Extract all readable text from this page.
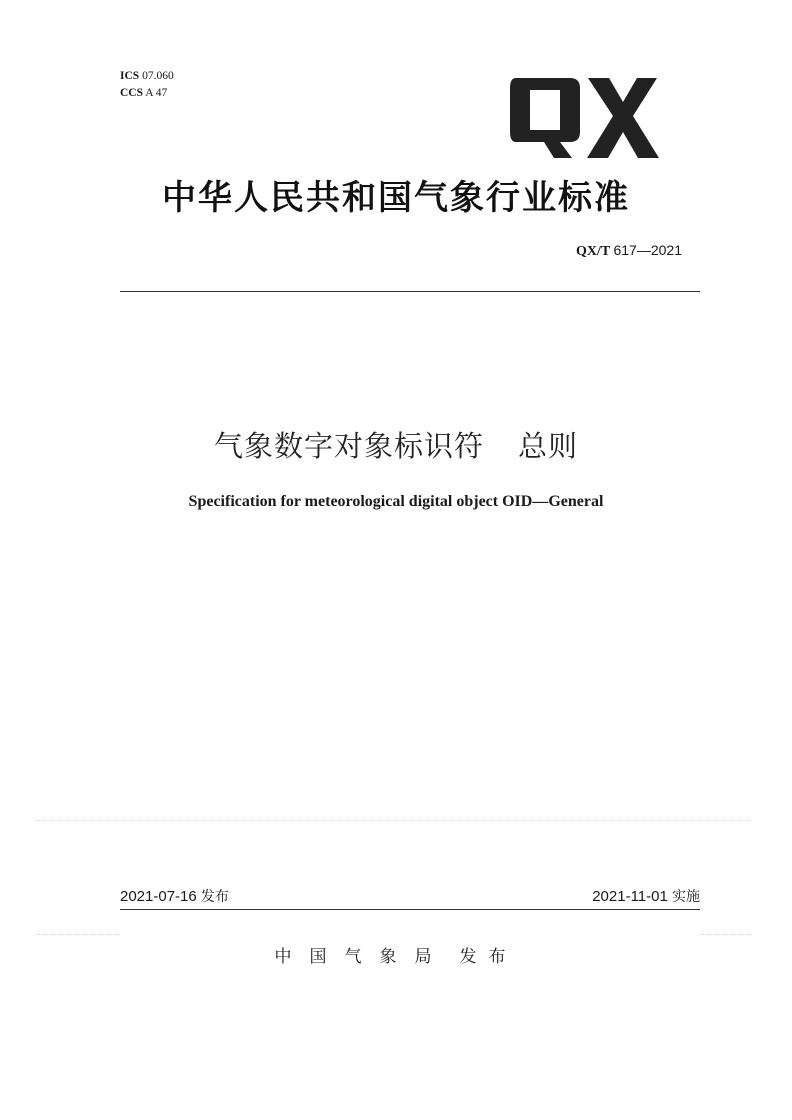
ICS 07.060
CCS A 47
QX
中华人民共和国气象行业标准
QX/T 617—2021
气象数字对象标识符 总则
Specification for meteorological digital object OID—General
2021-07-16 发布	2021-11-01 实施
中国气象局 发布
